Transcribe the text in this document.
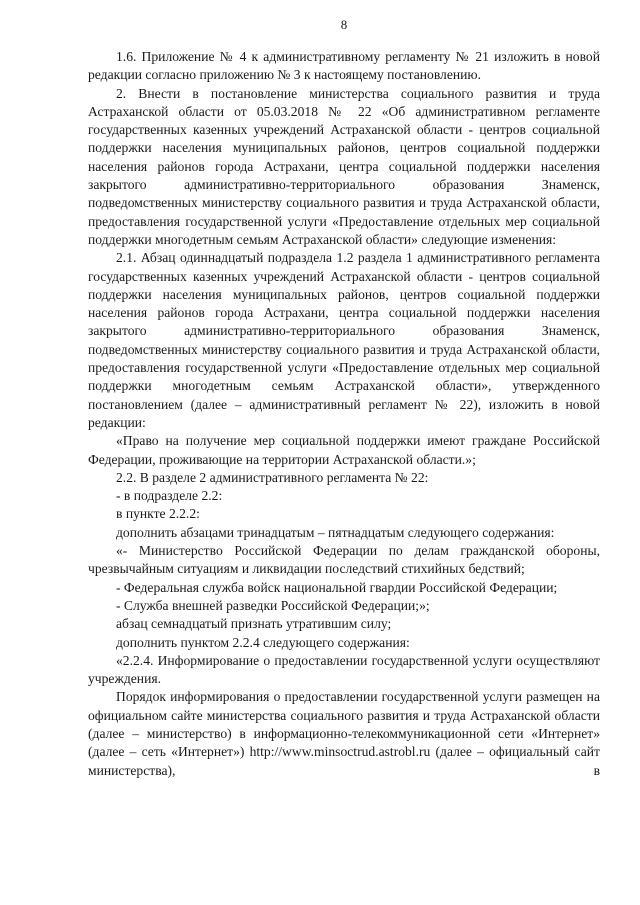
8

1.6. Приложение № 4 к административному регламенту № 21 изложить в новой редакции согласно приложению № 3 к настоящему постановлению.

2. Внести в постановление министерства социального развития и труда Астраханской области от 05.03.2018 № 22 «Об административном регламенте государственных казенных учреждений Астраханской области - центров социальной поддержки населения муниципальных районов, центров социальной поддержки населения районов города Астрахани, центра социальной поддержки населения закрытого административно-территориального образования Знаменск, подведомственных министерству социального развития и труда Астраханской области, предоставления государственной услуги «Предоставление отдельных мер социальной поддержки многодетным семьям Астраханской области» следующие изменения:

2.1. Абзац одиннадцатый подраздела 1.2 раздела 1 административного регламента государственных казенных учреждений Астраханской области - центров социальной поддержки населения муниципальных районов, центров социальной поддержки населения районов города Астрахани, центра социальной поддержки населения закрытого административно-территориального образования Знаменск, подведомственных министерству социального развития и труда Астраханской области, предоставления государственной услуги «Предоставление отдельных мер социальной поддержки многодетным семьям Астраханской области», утвержденного постановлением (далее – административный регламент № 22), изложить в новой редакции:

«Право на получение мер социальной поддержки имеют граждане Российской Федерации, проживающие на территории Астраханской области.»;

2.2. В разделе 2 административного регламента № 22:

- в подразделе 2.2:

в пункте 2.2.2:

дополнить абзацами тринадцатым – пятнадцатым следующего содержания:

«- Министерство Российской Федерации по делам гражданской обороны, чрезвычайным ситуациям и ликвидации последствий стихийных бедствий;

- Федеральная служба войск национальной гвардии Российской Федерации;

- Служба внешней разведки Российской Федерации;»;

абзац семнадцатый признать утратившим силу;

дополнить пунктом 2.2.4 следующего содержания:

«2.2.4. Информирование о предоставлении государственной услуги осуществляют учреждения.

Порядок информирования о предоставлении государственной услуги размещен на официальном сайте министерства социального развития и труда Астраханской области (далее – министерство) в информационно-телекоммуникационной сети «Интернет» (далее – сеть «Интернет») http://www.minsoctrud.astrobl.ru (далее – официальный сайт министерства), в
